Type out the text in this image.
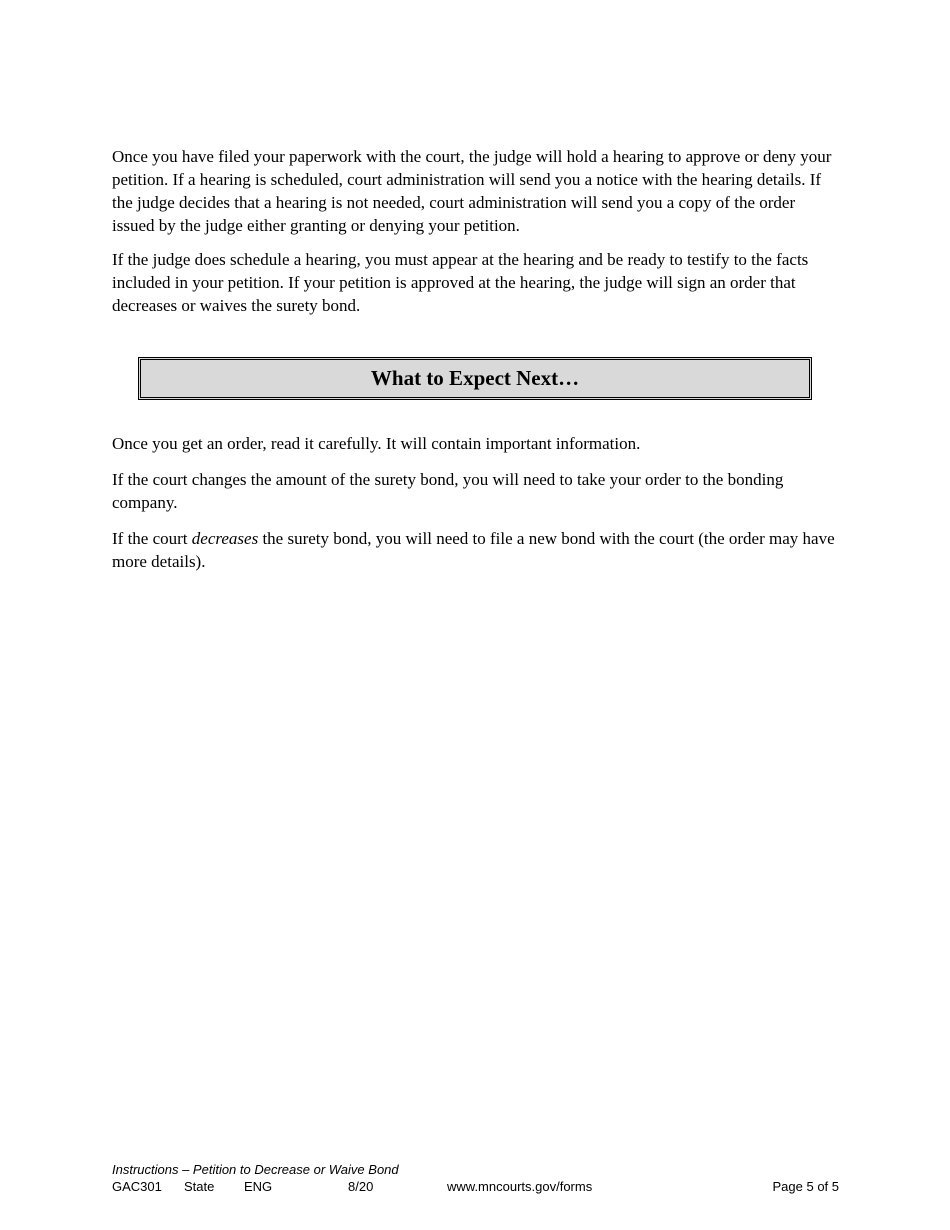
Once you have filed your paperwork with the court, the judge will hold a hearing to approve or deny your petition. If a hearing is scheduled, court administration will send you a notice with the hearing details. If the judge decides that a hearing is not needed, court administration will send you a copy of the order issued by the judge either granting or denying your petition.

If the judge does schedule a hearing, you must appear at the hearing and be ready to testify to the facts included in your petition. If your petition is approved at the hearing, the judge will sign an order that decreases or waives the surety bond.

What to Expect Next…

Once you get an order, read it carefully. It will contain important information.

If the court changes the amount of the surety bond, you will need to take your order to the bonding company.

If the court decreases the surety bond, you will need to file a new bond with the court (the order may have more details).

Instructions – Petition to Decrease or Waive Bond
GAC301 State ENG	8/20	www.mncourts.gov/forms	Page 5 of 5
